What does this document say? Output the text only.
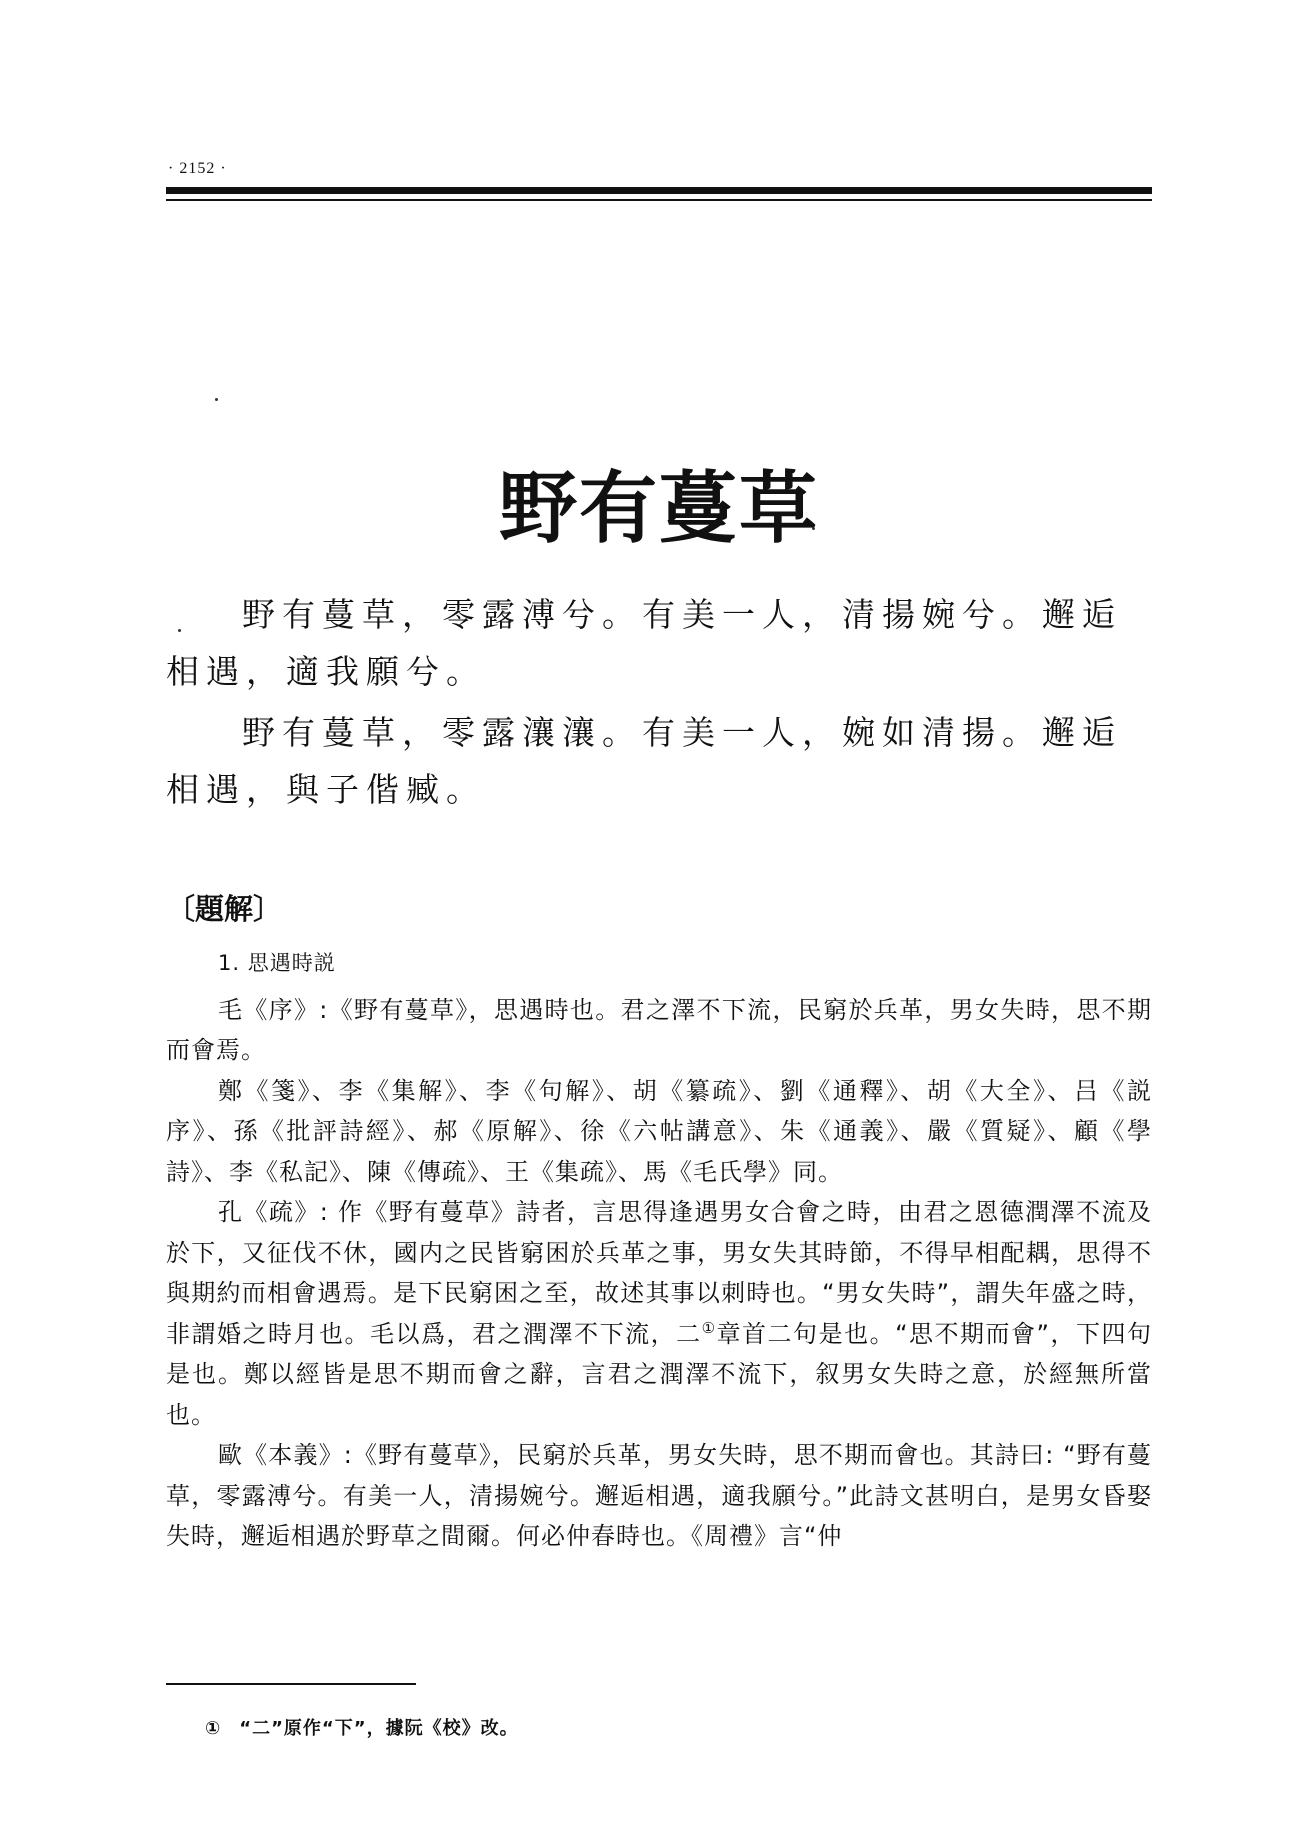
· 2152 ·
野有蔓草

野有蔓草，零露溥兮。有美一人，清揚婉兮。邂逅相遇，適我願兮。

野有蔓草，零露瀼瀼。有美一人，婉如清揚。邂逅相遇，與子偕臧。

〔題解〕

1. 思遇時説

毛《序》:《野有蔓草》，思遇時也。君之澤不下流，民窮於兵革，男女失時，思不期而會焉。

鄭《箋》、李《集解》、李《句解》、胡《纂疏》、劉《通釋》、胡《大全》、吕《説序》、孫《批評詩經》、郝《原解》、徐《六帖講意》、朱《通義》、嚴《質疑》、顧《學詩》、李《私記》、陳《傳疏》、王《集疏》、馬《毛氏學》同。

孔《疏》: 作《野有蔓草》詩者，言思得逢遇男女合會之時，由君之恩德潤澤不流及於下，又征伐不休，國内之民皆窮困於兵革之事，男女失其時節，不得早相配耦，思得不與期約而相會遇焉。是下民窮困之至，故述其事以刺時也。“男女失時”，謂失年盛之時，非謂婚之時月也。毛以爲，君之潤澤不下流，二①章首二句是也。“思不期而會”，下四句是也。鄭以經皆是思不期而會之辭，言君之潤澤不流下，叙男女失時之意，於經無所當也。

歐《本義》:《野有蔓草》，民窮於兵革，男女失時，思不期而會也。其詩曰: “野有蔓草，零露溥兮。有美一人，清揚婉兮。邂逅相遇，適我願兮。”此詩文甚明白，是男女昏娶失時，邂逅相遇於野草之間爾。何必仲春時也。《周禮》言“仲

① “二”原作“下”，據阮《校》改。
